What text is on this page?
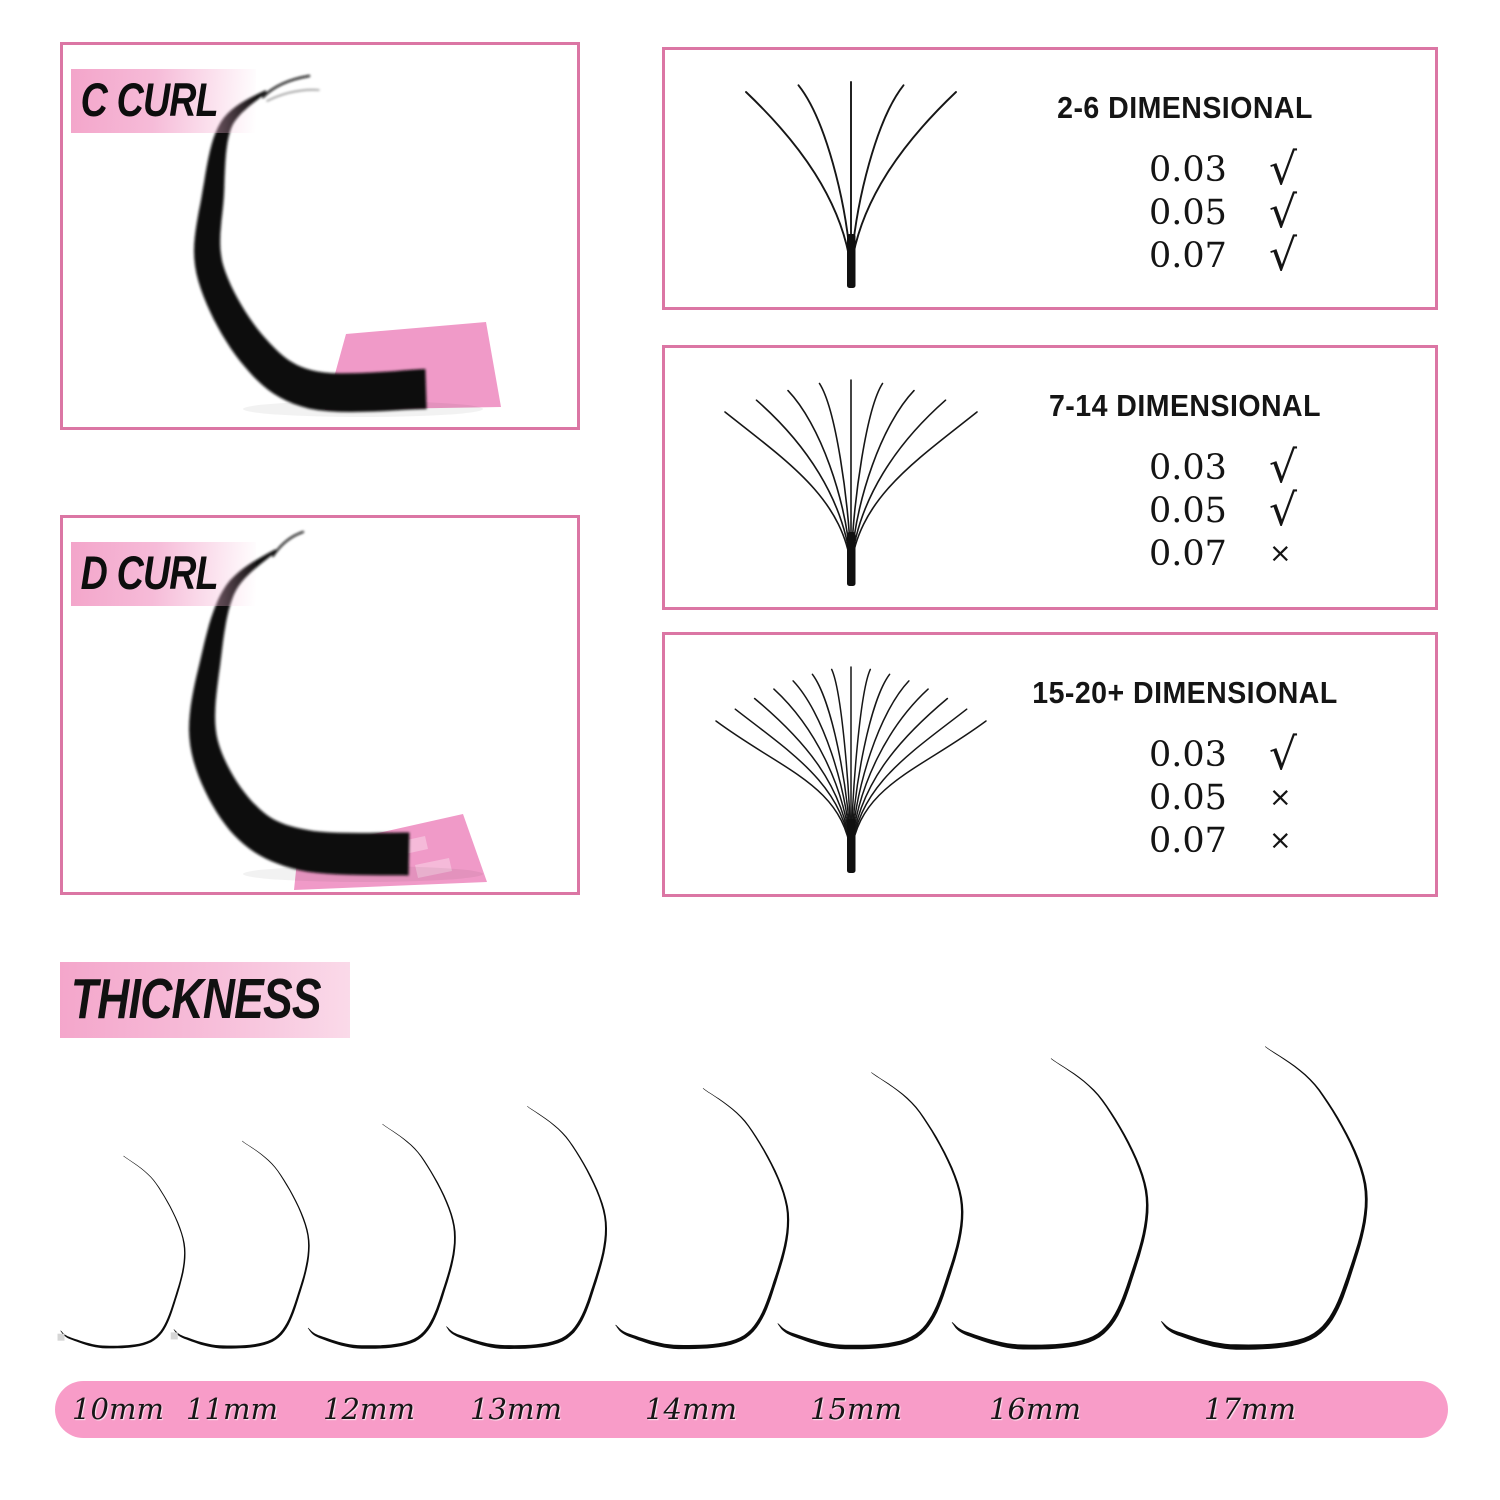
C CURL
D CURL
2-6 DIMENSIONAL
0.03 √
0.05 √
0.07 √
7-14 DIMENSIONAL
0.03 √
0.05 √
0.07	×
15-20+ DIMENSIONAL
0.03 √
0.05	×
0.07	×
THICKNESS
10mm 11mm 12mm 13mm	14mm	15mm	16mm	17mm
